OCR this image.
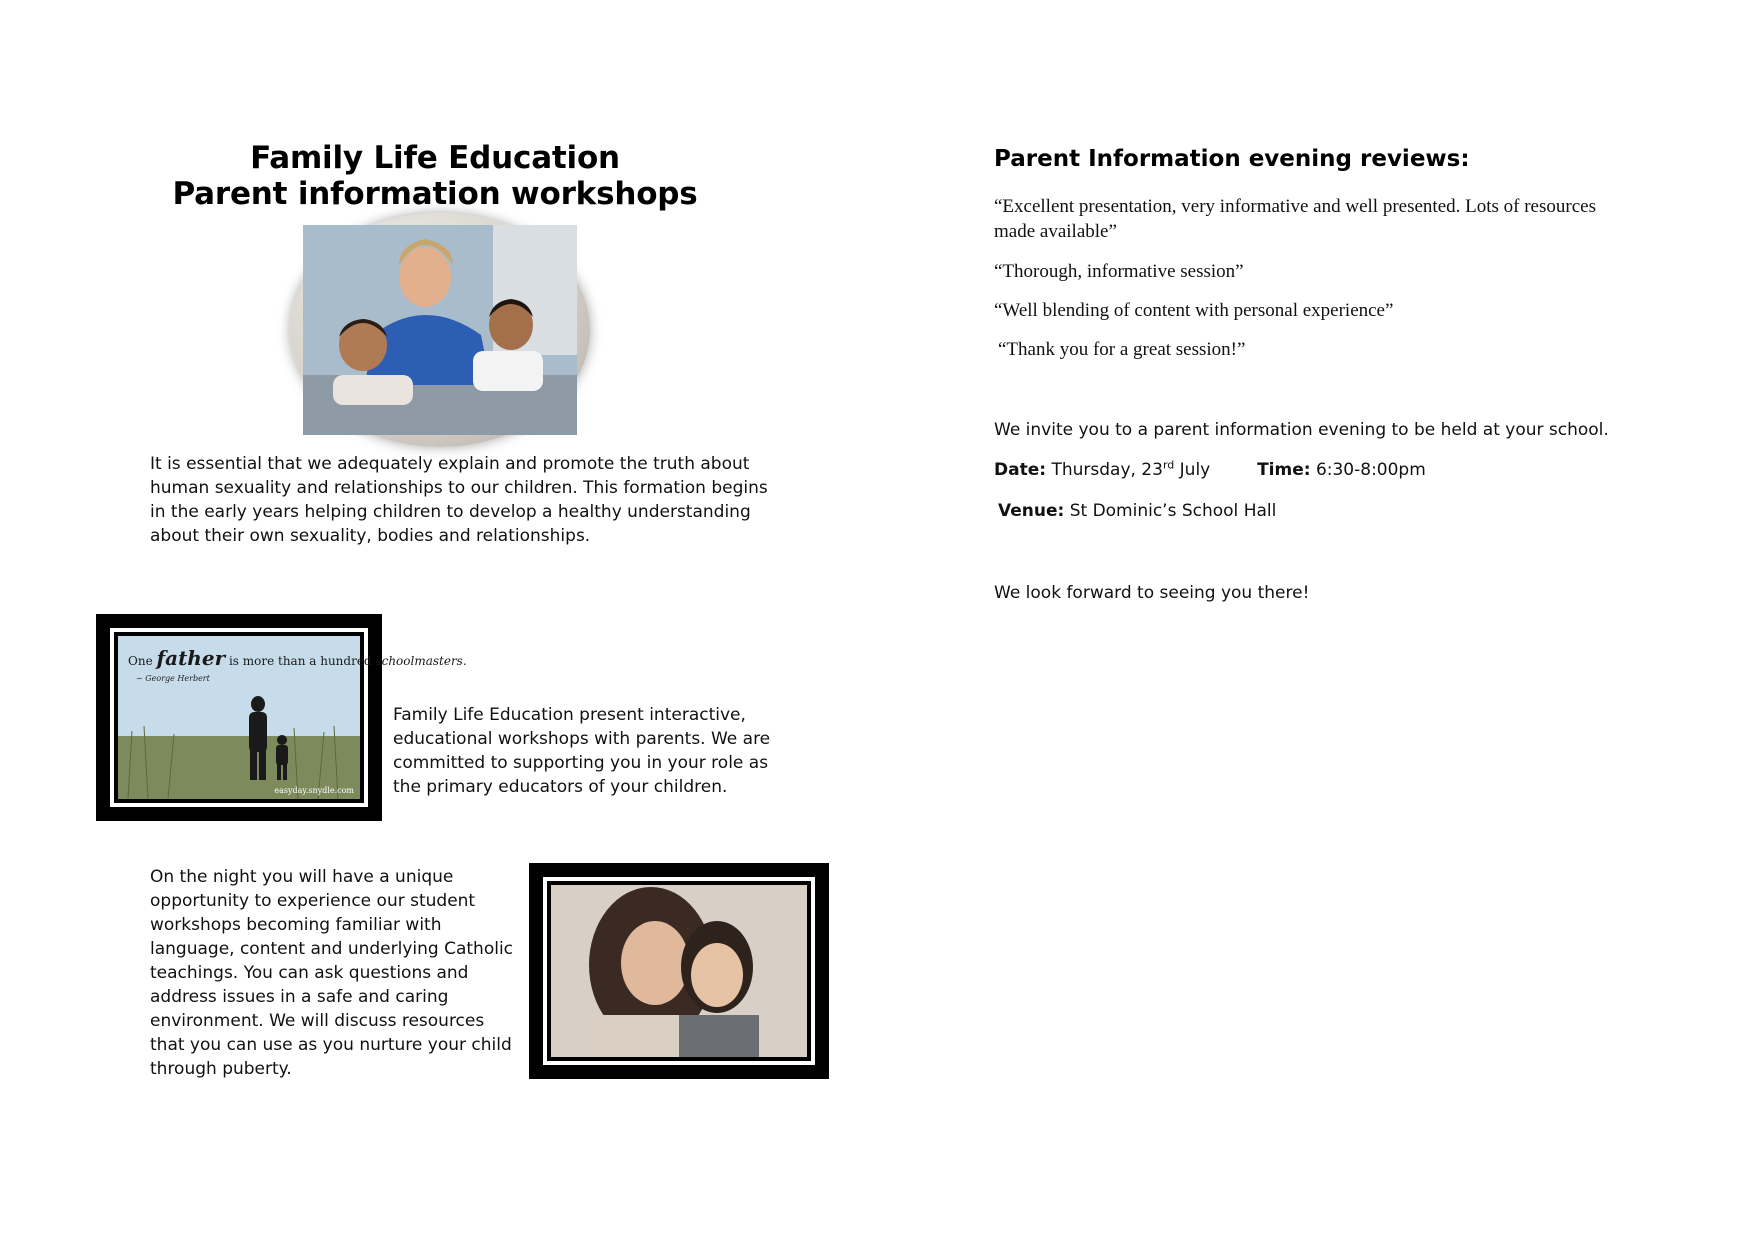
Family Life Education
Parent information workshops
It is essential that we adequately explain and promote the truth about human sexuality and relationships to our children. This formation begins in the early years helping children to develop a healthy understanding about their own sexuality, bodies and relationships.
One father is more than a hundred schoolmasters.
~ George Herbert
easyday.snydle.com
Family Life Education present interactive, educational workshops with parents. We are committed to supporting you in your role as the primary educators of your children.
On the night you will have a unique opportunity to experience our student workshops becoming familiar with language, content and underlying Catholic teachings. You can ask questions and address issues in a safe and caring environment. We will discuss resources that you can use as you nurture your child through puberty.
Parent Information evening reviews:
“Excellent presentation, very informative and well presented. Lots of resources made available”
“Thorough, informative session”
“Well blending of content with personal experience”
“Thank you for a great session!”
We invite you to a parent information evening to be held at your school.
Date: Thursday, 23rd July	Time: 6:30-8:00pm
Venue: St Dominic’s School Hall
We look forward to seeing you there!
